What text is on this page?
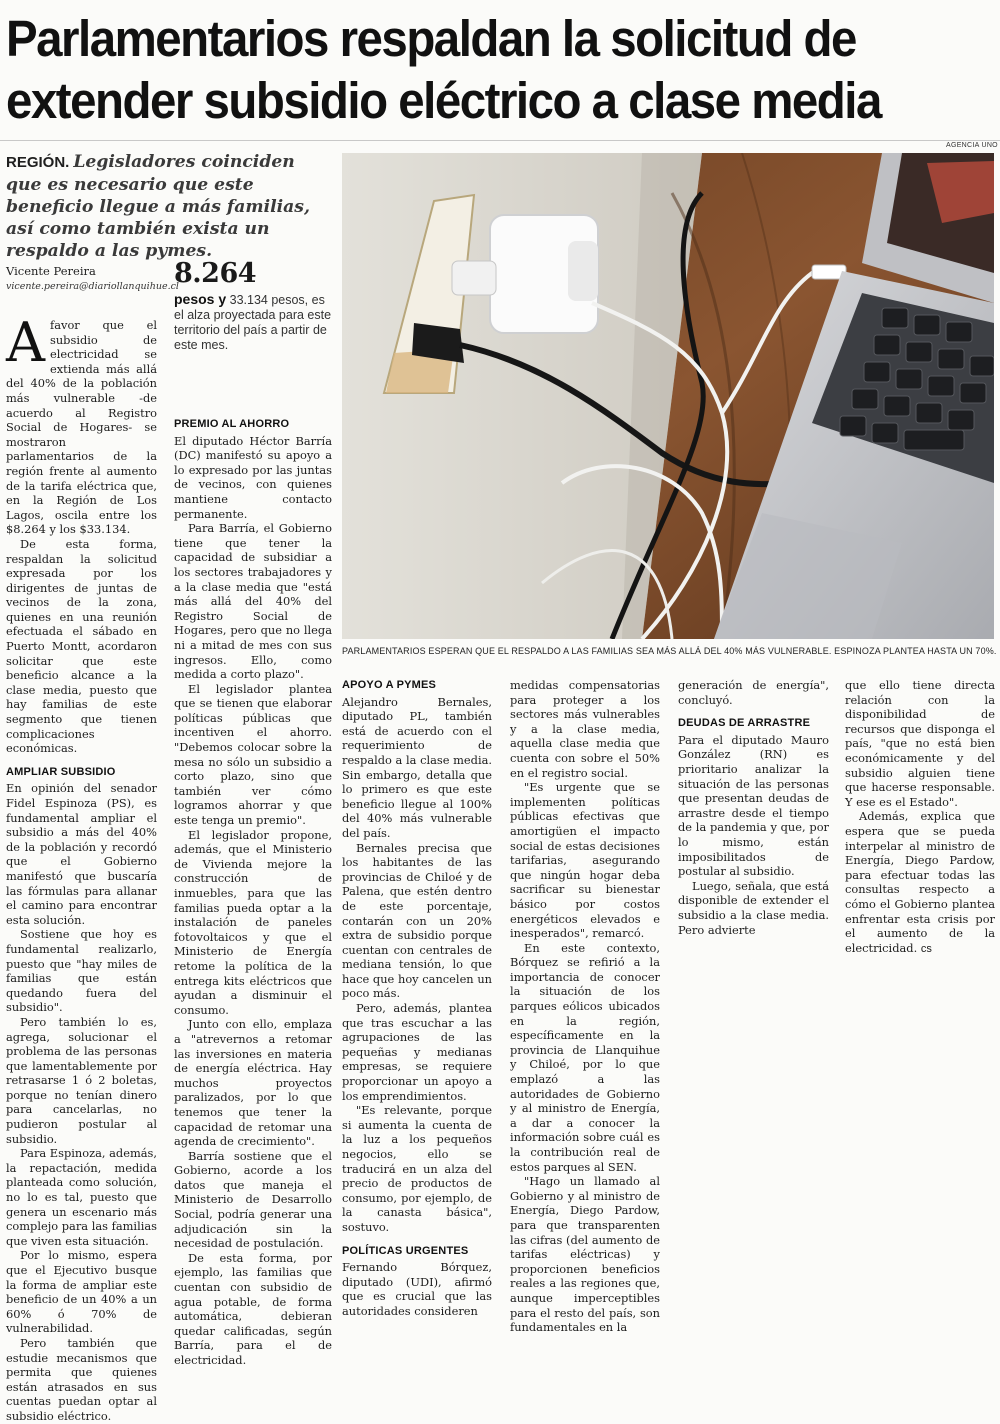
Parlamentarios respaldan la solicitud de
extender subsidio eléctrico a clase media
REGIÓN. Legisladores coinciden que es necesario que este beneficio llegue a más familias, así como también exista un respaldo a las pymes.
Vicente Pereira
vicente.pereira@diariollanquihue.cl
8.264
pesos y 33.134 pesos, es el alza proyectada para este territorio del país a partir de este mes.
AGENCIA UNO
PARLAMENTARIOS ESPERAN QUE EL RESPALDO A LAS FAMILIAS SEA MÁS ALLÁ DEL 40% MÁS VULNERABLE. ESPINOZA PLANTEA HASTA UN 70%.

Afavor que el subsidio de electricidad se extienda más allá del 40% de la población más vulnerable -de acuerdo al Registro Social de Hogares- se mostraron parlamentarios de la región frente al aumento de la tarifa eléctrica que, en la Región de Los Lagos, oscila entre los $8.264 y los $33.134.

De esta forma, respaldan la solicitud expresada por los dirigentes de juntas de vecinos de la zona, quienes en una reunión efectuada el sábado en Puerto Montt, acordaron solicitar que este beneficio alcance a la clase media, puesto que hay familias de este segmento que tienen complicaciones económicas.

AMPLIAR SUBSIDIO

En opinión del senador Fidel Espinoza (PS), es fundamental ampliar el subsidio a más del 40% de la población y recordó que el Gobierno manifestó que buscaría las fórmulas para allanar el camino para encontrar esta solución.

Sostiene que hoy es fundamental realizarlo, puesto que "hay miles de familias que están quedando fuera del subsidio".

Pero también lo es, agrega, solucionar el problema de las personas que lamentablemente por retrasarse 1 ó 2 boletas, porque no tenían dinero para cancelarlas, no pudieron postular al subsidio.

Para Espinoza, además, la repactación, medida planteada como solución, no lo es tal, puesto que genera un escenario más complejo para las familias que viven esta situación.

Por lo mismo, espera que el Ejecutivo busque la forma de ampliar este beneficio de un 40% a un 60% ó 70% de vulnerabilidad.

Pero también que estudie mecanismos que permita que quienes están atrasados en sus cuentas puedan optar al subsidio eléctrico.

PREMIO AL AHORRO

El diputado Héctor Barría (DC) manifestó su apoyo a lo expresado por las juntas de vecinos, con quienes mantiene contacto permanente.

Para Barría, el Gobierno tiene que tener la capacidad de subsidiar a los sectores trabajadores y a la clase media que "está más allá del 40% del Registro Social de Hogares, pero que no llega ni a mitad de mes con sus ingresos. Ello, como medida a corto plazo".

El legislador plantea que se tienen que elaborar políticas públicas que incentiven el ahorro. "Debemos colocar sobre la mesa no sólo un subsidio a corto plazo, sino que también ver cómo logramos ahorrar y que este tenga un premio".

El legislador propone, además, que el Ministerio de Vivienda mejore la construcción de inmuebles, para que las familias pueda optar a la instalación de paneles fotovoltaicos y que el Ministerio de Energía retome la política de la entrega kits eléctricos que ayudan a disminuir el consumo.

Junto con ello, emplaza a "atrevernos a retomar las inversiones en materia de energía eléctrica. Hay muchos proyectos paralizados, por lo que tenemos que tener la capacidad de retomar una agenda de crecimiento".

Barría sostiene que el Gobierno, acorde a los datos que maneja el Ministerio de Desarrollo Social, podría generar una adjudicación sin la necesidad de postulación.

De esta forma, por ejemplo, las familias que cuentan con subsidio de agua potable, de forma automática, debieran quedar calificadas, según Barría, para el de electricidad.

APOYO A PYMES

Alejandro Bernales, diputado PL, también está de acuerdo con el requerimiento de respaldo a la clase media. Sin embargo, detalla que lo primero es que este beneficio llegue al 100% del 40% más vulnerable del país.

Bernales precisa que los habitantes de las provincias de Chiloé y de Palena, que estén dentro de este porcentaje, contarán con un 20% extra de subsidio porque cuentan con centrales de mediana tensión, lo que hace que hoy cancelen un poco más.

Pero, además, plantea que tras escuchar a las agrupaciones de las pequeñas y medianas empresas, se requiere proporcionar un apoyo a los emprendimientos.

"Es relevante, porque si aumenta la cuenta de la luz a los pequeños negocios, ello se traducirá en un alza del precio de productos de consumo, por ejemplo, de la canasta básica", sostuvo.

POLÍTICAS URGENTES

Fernando Bórquez, diputado (UDI), afirmó que es crucial que las autoridades consideren

medidas compensatorias para proteger a los sectores más vulnerables y a la clase media, aquella clase media que cuenta con sobre el 50% en el registro social.

"Es urgente que se implementen políticas públicas efectivas que amortigüen el impacto social de estas decisiones tarifarias, asegurando que ningún hogar deba sacrificar su bienestar básico por costos energéticos elevados e inesperados", remarcó.

En este contexto, Bórquez se refirió a la importancia de conocer la situación de los parques eólicos ubicados en la región, específicamente en la provincia de Llanquihue y Chiloé, por lo que emplazó a las autoridades de Gobierno y al ministro de Energía, a dar a conocer la información sobre cuál es la contribución real de estos parques al SEN.

"Hago un llamado al Gobierno y al ministro de Energía, Diego Pardow, para que transparenten las cifras (del aumento de tarifas eléctricas) y proporcionen beneficios reales a las regiones que, aunque imperceptibles para el resto del país, son fundamentales en la

generación de energía", concluyó.

DEUDAS DE ARRASTRE

Para el diputado Mauro González (RN) es prioritario analizar la situación de las personas que presentan deudas de arrastre desde el tiempo de la pandemia y que, por lo mismo, están imposibilitados de postular al subsidio.

Luego, señala, que está disponible de extender el subsidio a la clase media. Pero advierte

que ello tiene directa relación con la disponibilidad de recursos que disponga el país, "que no está bien económicamente y del subsidio alguien tiene que hacerse responsable. Y ese es el Estado".

Además, explica que espera que se pueda interpelar al ministro de Energía, Diego Pardow, para efectuar todas las consultas respecto a cómo el Gobierno plantea enfrentar esta crisis por el aumento de la electricidad. cs
